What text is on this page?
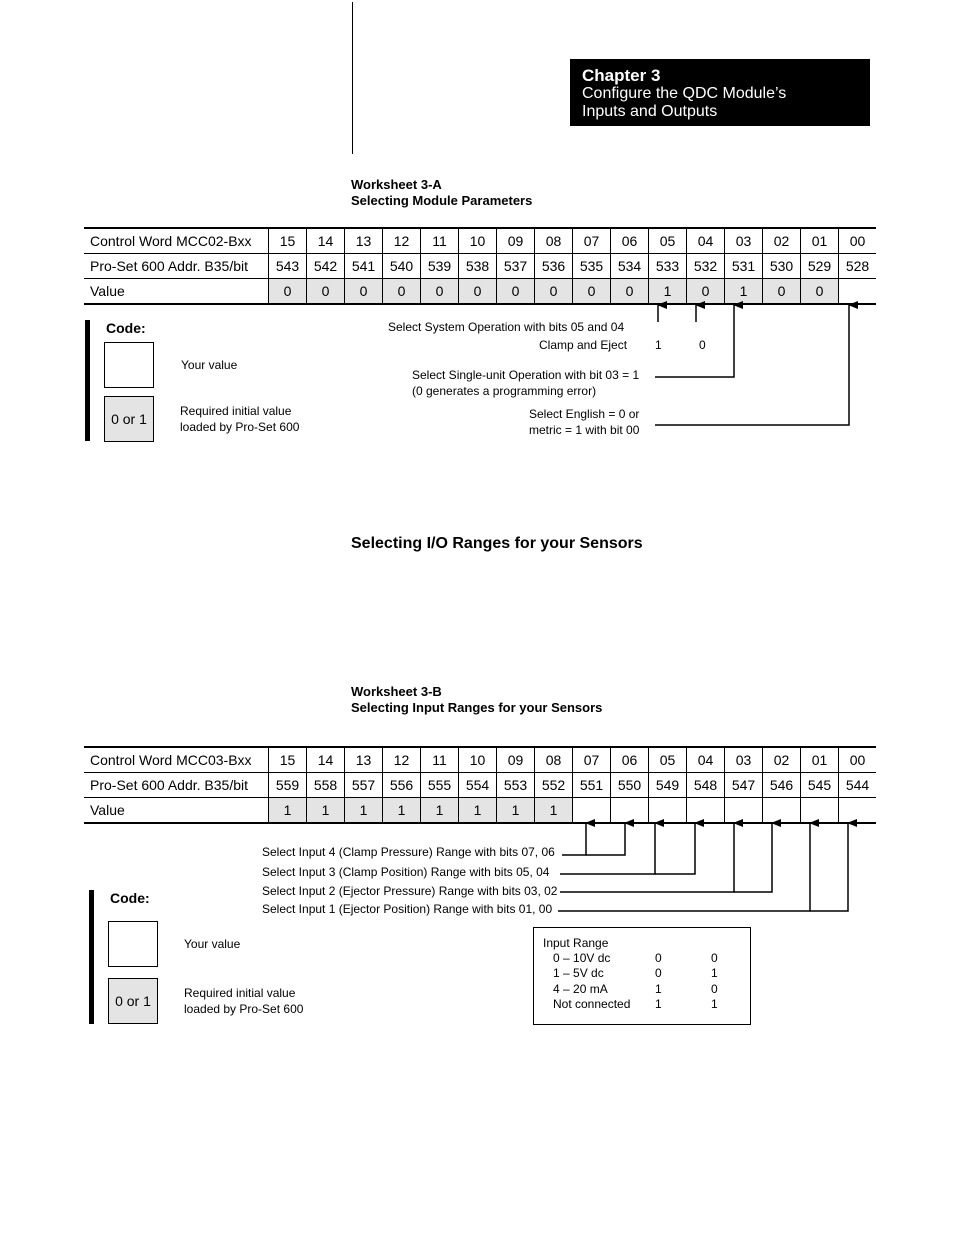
Chapter 3
Configure the QDC Module’s
Inputs and Outputs
Worksheet 3-A
Selecting Module Parameters
Control Word MCC02-Bxx	15	14	13	12	11	10	09	08	07	06	05	04	03	02	01	00
Pro-Set 600 Addr. B35/bit	543	542	541	540	539	538	537	536	535	534	533	532	531	530	529	528
Value	0	0	0	0	0	0	0	0	0	0	1	0	1	0	0	
Code:
Your value
0 or 1	Required initial value
loaded by Pro-Set 600
Select System Operation with bits 05 and 04
Clamp and Eject 1	0
Select Single-unit Operation with bit 03 = 1
(0 generates a programming error)
Select English = 0 or
metric = 1 with bit 00
Selecting I/O Ranges for your Sensors
Worksheet 3-B
Selecting Input Ranges for your Sensors
Control Word MCC03-Bxx	15	14	13	12	11	10	09	08	07	06	05	04	03	02	01	00
Pro-Set 600 Addr. B35/bit	559	558	557	556	555	554	553	552	551	550	549	548	547	546	545	544
Value	1	1	1	1	1	1	1	1								
Select Input 4 (Clamp Pressure) Range with bits 07, 06
Select Input 3 (Clamp Position) Range with bits 05, 04
Select Input 2 (Ejector Pressure) Range with bits 03, 02
Select Input 1 (Ejector Position) Range with bits 01, 00
Code:
Your value
0 or 1	Required initial value
loaded by Pro-Set 600
Input Range
0 – 10V dc	0	0
1 – 5V dc	0	1
4 – 20 mA	1	0
Not connected 1	1
